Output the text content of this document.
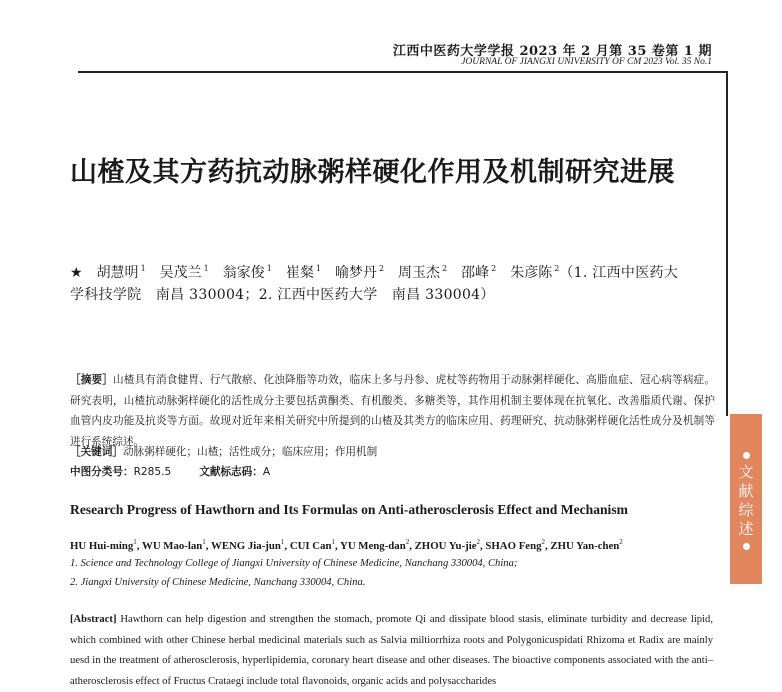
江西中医药大学学报 2023 年 2 月第 35 卷第 1 期
JOURNAL OF JIANGXI UNIVERSITY OF CM 2023 Vol. 35 No.1
山楂及其方药抗动脉粥样硬化作用及机制研究进展
★ 胡慧明 $^1$ 吴茂兰 $^1$ 翁家俊 $^1$ 崔粲 $^1$ 喻梦丹 $^2$ 周玉杰 $^2$ 邵峰 $^2$ 朱彦陈 $^2$（1. 江西中医药大
学科技学院　南昌 330004；2. 江西中医药大学　南昌 330004）
［摘要］山楂具有消食健胃、行气散瘀、化浊降脂等功效，临床上多与丹参、虎杖等药物用于动脉粥样硬化、高脂血症、冠心病等病症。研究表明，山楂抗动脉粥样硬化的活性成分主要包括黄酮类、有机酸类、多糖类等，其作用机制主要体现在抗氧化、改善脂质代谢、保护血管内皮功能及抗炎等方面。故现对近年来相关研究中所提到的山楂及其类方的临床应用、药理研究、抗动脉粥样硬化活性成分及机制等进行系统综述。
［关键词］动脉粥样硬化；山楂；活性成分；临床应用；作用机制
中图分类号：R285.5	文献标志码：A
Research Progress of Hawthorn and Its Formulas on Anti-atherosclerosis Effect and Mechanism
HU Hui-ming$^1$, WU Mao-lan$^1$, WENG Jia-jun$^1$, CUI Can$^1$, YU Meng-dan$^2$, ZHOU Yu-jie$^2$, SHAO Feng$^2$, ZHU Yan-chen$^2$
1. Science and Technology College of Jiangxi University of Chinese Medicine, Nanchang 330004, China;
2. Jiangxi University of Chinese Medicine, Nanchang 330004, China.
[Abstract] Hawthorn can help digestion and strengthen the stomach, promote Qi and dissipate blood stasis, eliminate turbidity and decrease lipid, which combined with other Chinese herbal medicinal materials such as Salvia miltiorrhiza roots and Polygonicuspidati Rhizoma et Radix are mainly uesd in the treatment of atherosclerosis, hyperlipidemia, coronary heart disease and other diseases. The bioactive components associated with the anti–atherosclerosis effect of Fructus Crataegi include total flavonoids, organic acids and polysaccharides
文
献
综
述
